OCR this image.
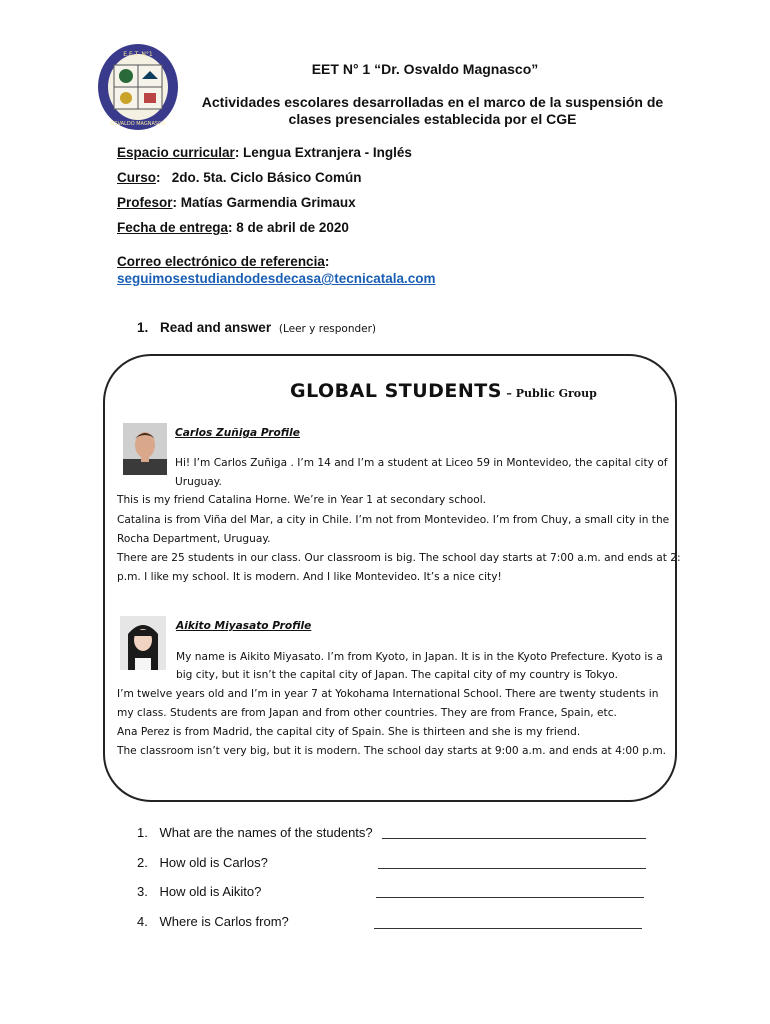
E.E.T. N°1
OSVALDO MAGNASCO
EET N° 1 “Dr. Osvaldo Magnasco”
Actividades escolares desarrolladas en el marco de la suspensión de
clases presenciales establecida por el CGE
Espacio curricular: Lengua Extranjera - Inglés
Curso:   2do. 5ta. Ciclo Básico Común
Profesor: Matías Garmendia Grimaux
Fecha de entrega: 8 de abril de 2020
Correo electrónico de referencia:
seguimosestudiandodesdecasa@tecnicatala.com
1. Read and answer (Leer y responder)
GLOBAL STUDENTS – Public Group
Carlos Zuñiga Profile
Hi! I’m Carlos Zuñiga . I’m 14 and I’m a student at Liceo 59 in Montevideo, the capital city of
Uruguay.
This is my friend Catalina Horne. We’re in Year 1 at secondary school.
Catalina is from Viña del Mar, a city in Chile. I’m not from Montevideo. I’m from Chuy, a small city in the
Rocha Department, Uruguay.
There are 25 students in our class. Our classroom is big. The school day starts at 7:00 a.m. and ends at 2:
p.m. I like my school. It is modern. And I like Montevideo. It’s a nice city!
Aikito Miyasato Profile
My name is Aikito Miyasato. I’m from Kyoto, in Japan. It is in the Kyoto Prefecture. Kyoto is a
big city, but it isn’t the capital city of Japan. The capital city of my country is Tokyo.
I’m twelve years old and I’m in year 7 at Yokohama International School. There are twenty students in
my class. Students are from Japan and from other countries. They are from France, Spain, etc.
Ana Perez is from Madrid, the capital city of Spain. She is thirteen and she is my friend.
The classroom isn’t very big, but it is modern. The school day starts at 9:00 a.m. and ends at 4:00 p.m.
1. What are the names of the students?
2. How old is Carlos?
3. How old is Aikito?
4. Where is Carlos from?
